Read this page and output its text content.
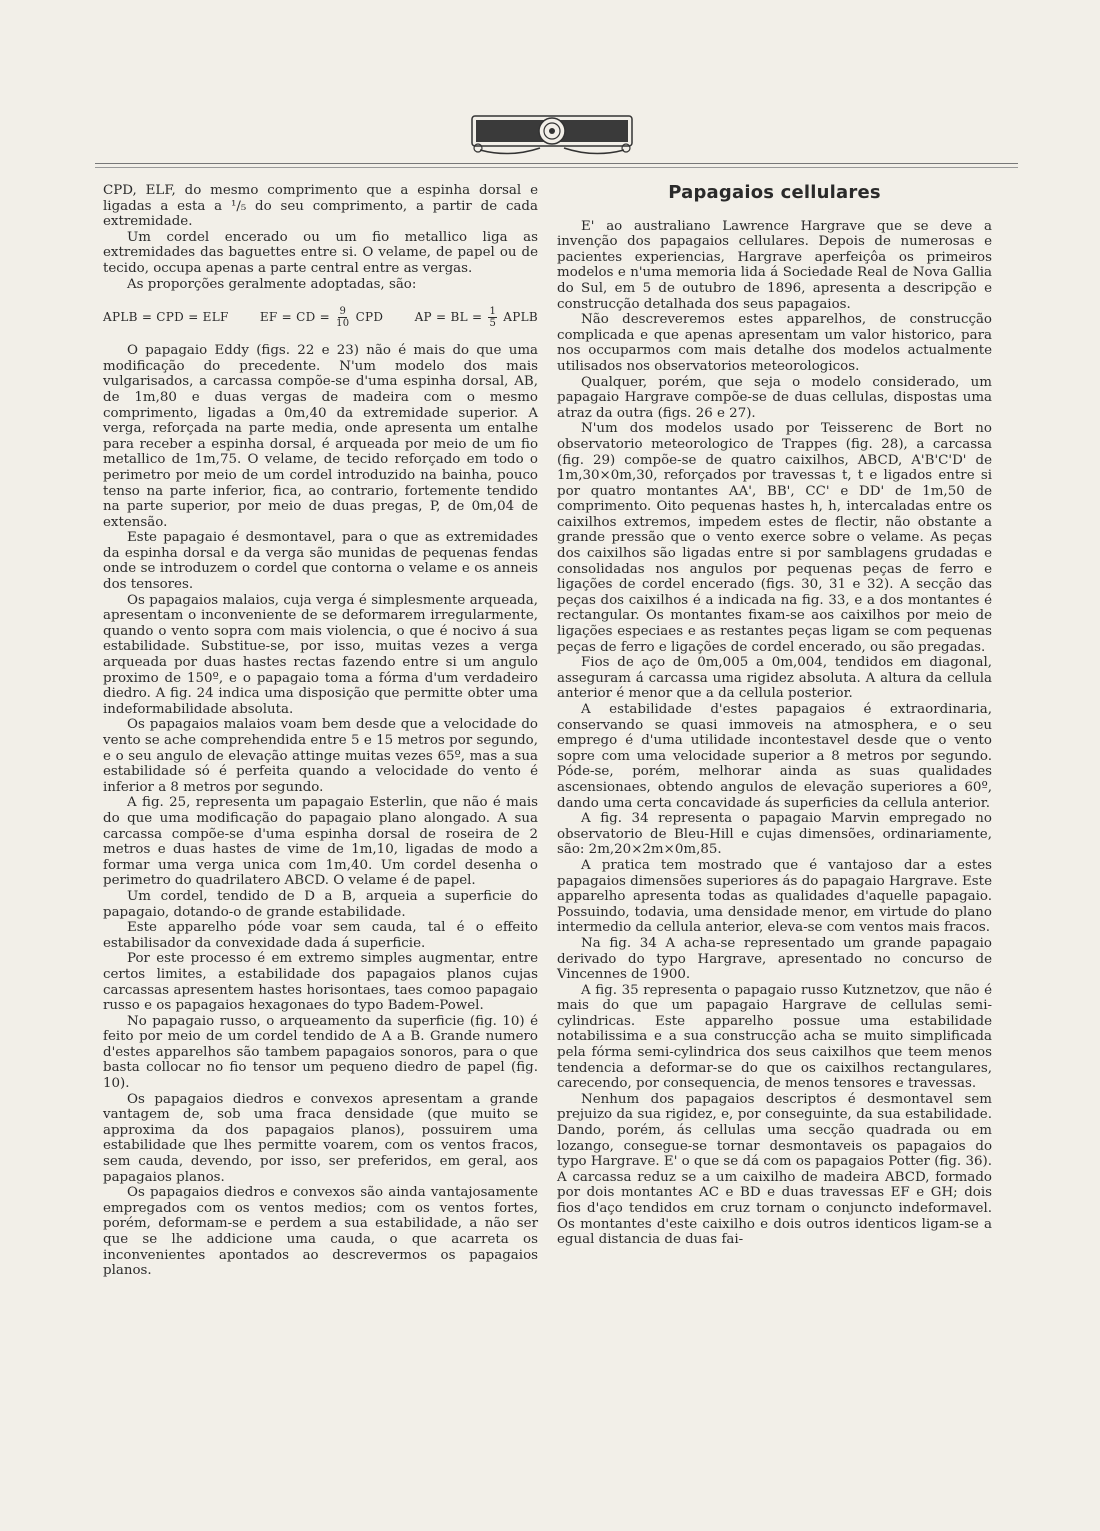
CPD, ELF, do mesmo comprimento que a espinha dorsal e ligadas a esta a ¹/₅ do seu comprimento, a partir de cada extremidade.

Um cordel encerado ou um fio metallico liga as extremidades das baguettes entre si. O velame, de papel ou de tecido, occupa apenas a parte central entre as vergas.

As proporções geralmente adoptadas, são:

APLB = CPD = ELF	EF = CD = $\frac{9}{10}$ CPD	AP = BL = $\frac{1}{5}$ APLB

O papagaio Eddy (figs. 22 e 23) não é mais do que uma modificação do precedente. N'um modelo dos mais vulgarisados, a carcassa compõe-se d'uma espinha dorsal, AB, de 1m,80 e duas vergas de madeira com o mesmo comprimento, ligadas a 0m,40 da extremidade superior. A verga, reforçada na parte media, onde apresenta um entalhe para receber a espinha dorsal, é arqueada por meio de um fio metallico de 1m,75. O velame, de tecido reforçado em todo o perimetro por meio de um cordel introduzido na bainha, pouco tenso na parte inferior, fica, ao contrario, fortemente tendido na parte superior, por meio de duas pregas, P, de 0m,04 de extensão.

Este papagaio é desmontavel, para o que as extremidades da espinha dorsal e da verga são munidas de pequenas fendas onde se introduzem o cordel que contorna o velame e os anneis dos tensores.

Os papagaios malaios, cuja verga é simplesmente arqueada, apresentam o inconveniente de se deformarem irregularmente, quando o vento sopra com mais violencia, o que é nocivo á sua estabilidade. Substitue-se, por isso, muitas vezes a verga arqueada por duas hastes rectas fazendo entre si um angulo proximo de 150º, e o papagaio toma a fórma d'um verdadeiro diedro. A fig. 24 indica uma disposição que permitte obter uma indeformabilidade absoluta.

Os papagaios malaios voam bem desde que a velocidade do vento se ache comprehendida entre 5 e 15 metros por segundo, e o seu angulo de elevação attinge muitas vezes 65º, mas a sua estabilidade só é perfeita quando a velocidade do vento é inferior a 8 metros por segundo.

A fig. 25, representa um papagaio Esterlin, que não é mais do que uma modificação do papagaio plano alongado. A sua carcassa compõe-se d'uma espinha dorsal de roseira de 2 metros e duas hastes de vime de 1m,10, ligadas de modo a formar uma verga unica com 1m,40. Um cordel desenha o perimetro do quadrilatero ABCD. O velame é de papel.

Um cordel, tendido de D a B, arqueia a superficie do papagaio, dotando-o de grande estabilidade.

Este apparelho póde voar sem cauda, tal é o effeito estabilisador da convexidade dada á superficie.

Por este processo é em extremo simples augmentar, entre certos limites, a estabilidade dos papagaios planos cujas carcassas apresentem hastes horisontaes, taes comoo papagaio russo e os papagaios hexagonaes do typo Badem-Powel.

No papagaio russo, o arqueamento da superficie (fig. 10) é feito por meio de um cordel tendido de A a B. Grande numero d'estes apparelhos são tambem papagaios sonoros, para o que basta collocar no fio tensor um pequeno diedro de papel (fig. 10).

Os papagaios diedros e convexos apresentam a grande vantagem de, sob uma fraca densidade (que muito se approxima da dos papagaios planos), possuirem uma estabilidade que lhes permitte voarem, com os ventos fracos, sem cauda, devendo, por isso, ser preferidos, em geral, aos papagaios planos.

Os papagaios diedros e convexos são ainda vantajosamente empregados com os ventos medios; com os ventos fortes, porém, deformam-se e perdem a sua estabilidade, a não ser que se lhe addicione uma cauda, o que acarreta os inconvenientes apontados ao descrevermos os papagaios planos.

Papagaios cellulares

E' ao australiano Lawrence Hargrave que se deve a invenção dos papagaios cellulares. Depois de numerosas e pacientes experiencias, Hargrave aperfeiçôa os primeiros modelos e n'uma memoria lida á Sociedade Real de Nova Gallia do Sul, em 5 de outubro de 1896, apresenta a descripção e construcção detalhada dos seus papagaios.

Não descreveremos estes apparelhos, de construcção complicada e que apenas apresentam um valor historico, para nos occuparmos com mais detalhe dos modelos actualmente utilisados nos observatorios meteorologicos.

Qualquer, porém, que seja o modelo considerado, um papagaio Hargrave compõe-se de duas cellulas, dispostas uma atraz da outra (figs. 26 e 27).

N'um dos modelos usado por Teisserenc de Bort no observatorio meteorologico de Trappes (fig. 28), a carcassa (fig. 29) compõe-se de quatro caixilhos, ABCD, A'B'C'D' de 1m,30×0m,30, reforçados por travessas t, t e ligados entre si por quatro montantes AA', BB', CC' e DD' de 1m,50 de comprimento. Oito pequenas hastes h, h, intercaladas entre os caixilhos extremos, impedem estes de flectir, não obstante a grande pressão que o vento exerce sobre o velame. As peças dos caixilhos são ligadas entre si por samblagens grudadas e consolidadas nos angulos por pequenas peças de ferro e ligações de cordel encerado (figs. 30, 31 e 32). A secção das peças dos caixilhos é a indicada na fig. 33, e a dos montantes é rectangular. Os montantes fixam-se aos caixilhos por meio de ligações especiaes e as restantes peças ligam se com pequenas peças de ferro e ligações de cordel encerado, ou são pregadas.

Fios de aço de 0m,005 a 0m,004, tendidos em diagonal, asseguram á carcassa uma rigidez absoluta. A altura da cellula anterior é menor que a da cellula posterior.

A estabilidade d'estes papagaios é extraordinaria, conservando se quasi immoveis na atmosphera, e o seu emprego é d'uma utilidade incontestavel desde que o vento sopre com uma velocidade superior a 8 metros por segundo. Póde-se, porém, melhorar ainda as suas qualidades ascensionaes, obtendo angulos de elevação superiores a 60º, dando uma certa concavidade ás superficies da cellula anterior.

A fig. 34 representa o papagaio Marvin empregado no observatorio de Bleu-Hill e cujas dimensões, ordinariamente, são: 2m,20×2m×0m,85.

A pratica tem mostrado que é vantajoso dar a estes papagaios dimensões superiores ás do papagaio Hargrave. Este apparelho apresenta todas as qualidades d'aquelle papagaio. Possuindo, todavia, uma densidade menor, em virtude do plano intermedio da cellula anterior, eleva-se com ventos mais fracos.

Na fig. 34 A acha-se representado um grande papagaio derivado do typo Hargrave, apresentado no concurso de Vincennes de 1900.

A fig. 35 representa o papagaio russo Kutznetzov, que não é mais do que um papagaio Hargrave de cellulas semi-cylindricas. Este apparelho possue uma estabilidade notabilissima e a sua construcção acha se muito simplificada pela fórma semi-cylindrica dos seus caixilhos que teem menos tendencia a deformar-se do que os caixilhos rectangulares, carecendo, por consequencia, de menos tensores e travessas.

Nenhum dos papagaios descriptos é desmontavel sem prejuizo da sua rigidez, e, por conseguinte, da sua estabilidade. Dando, porém, ás cellulas uma secção quadrada ou em lozango, consegue-se tornar desmontaveis os papagaios do typo Hargrave. E' o que se dá com os papagaios Potter (fig. 36). A carcassa reduz se a um caixilho de madeira ABCD, formado por dois montantes AC e BD e duas travessas EF e GH; dois fios d'aço tendidos em cruz tornam o conjuncto indeformavel. Os montantes d'este caixilho e dois outros identicos ligam-se a egual distancia de duas fai-
